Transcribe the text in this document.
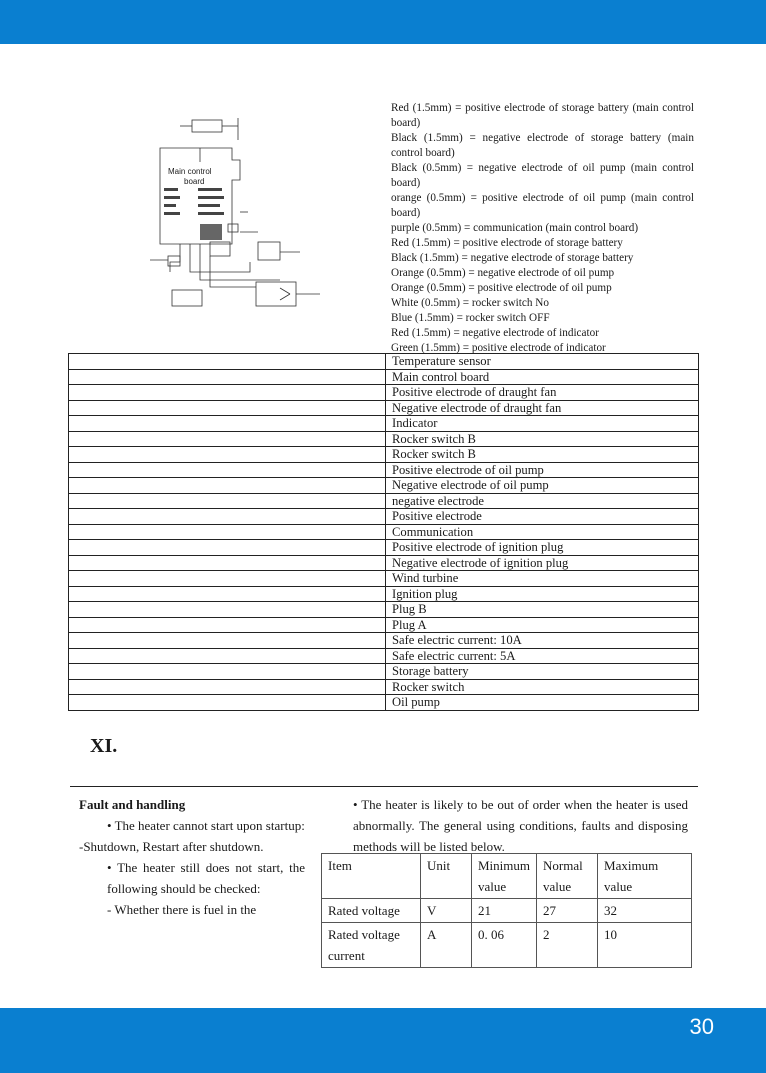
Main control
board
Red (1.5mm) = positive electrode of storage battery (main control board)
Black (1.5mm) = negative electrode of storage battery (main control board)
Black (0.5mm) = negative electrode of oil pump (main control board)
orange (0.5mm) = positive electrode of oil pump (main control board)
purple (0.5mm) = communication (main control board)
Red (1.5mm) = positive electrode of storage battery
Black (1.5mm) = negative electrode of storage battery
Orange (0.5mm) = negative electrode of oil pump
Orange (0.5mm) = positive electrode of oil pump
White (0.5mm) = rocker switch No
Blue (1.5mm) = rocker switch OFF
Red (1.5mm) = negative electrode of indicator
Green (1.5mm) = positive electrode of indicator
	Temperature sensor
	Main control board
	Positive electrode of draught fan
	Negative electrode of draught fan
	Indicator
	Rocker switch B
	Rocker switch B
	Positive electrode of oil pump
	Negative electrode of oil pump
	negative electrode
	Positive electrode
	Communication
	Positive electrode of ignition plug
	Negative electrode of ignition plug
	Wind turbine
	Ignition plug
	Plug B
	Plug A
	Safe electric current: 10A
	Safe electric current: 5A
	Storage battery
	Rocker switch
	Oil pump
XI.
Fault and handling
• The heater cannot start upon startup:
-Shutdown, Restart after shutdown.
• The heater still does not start, the following should be checked:
- Whether there is fuel in the
• The heater is likely to be out of order when the heater is used abnormally. The general using conditions, faults and disposing methods will be listed below.
Item	Unit	Minimum value	Normal value	Maximum value
Rated voltage	V	21	27	32
Rated voltage current	A	0. 06	2	10
30
